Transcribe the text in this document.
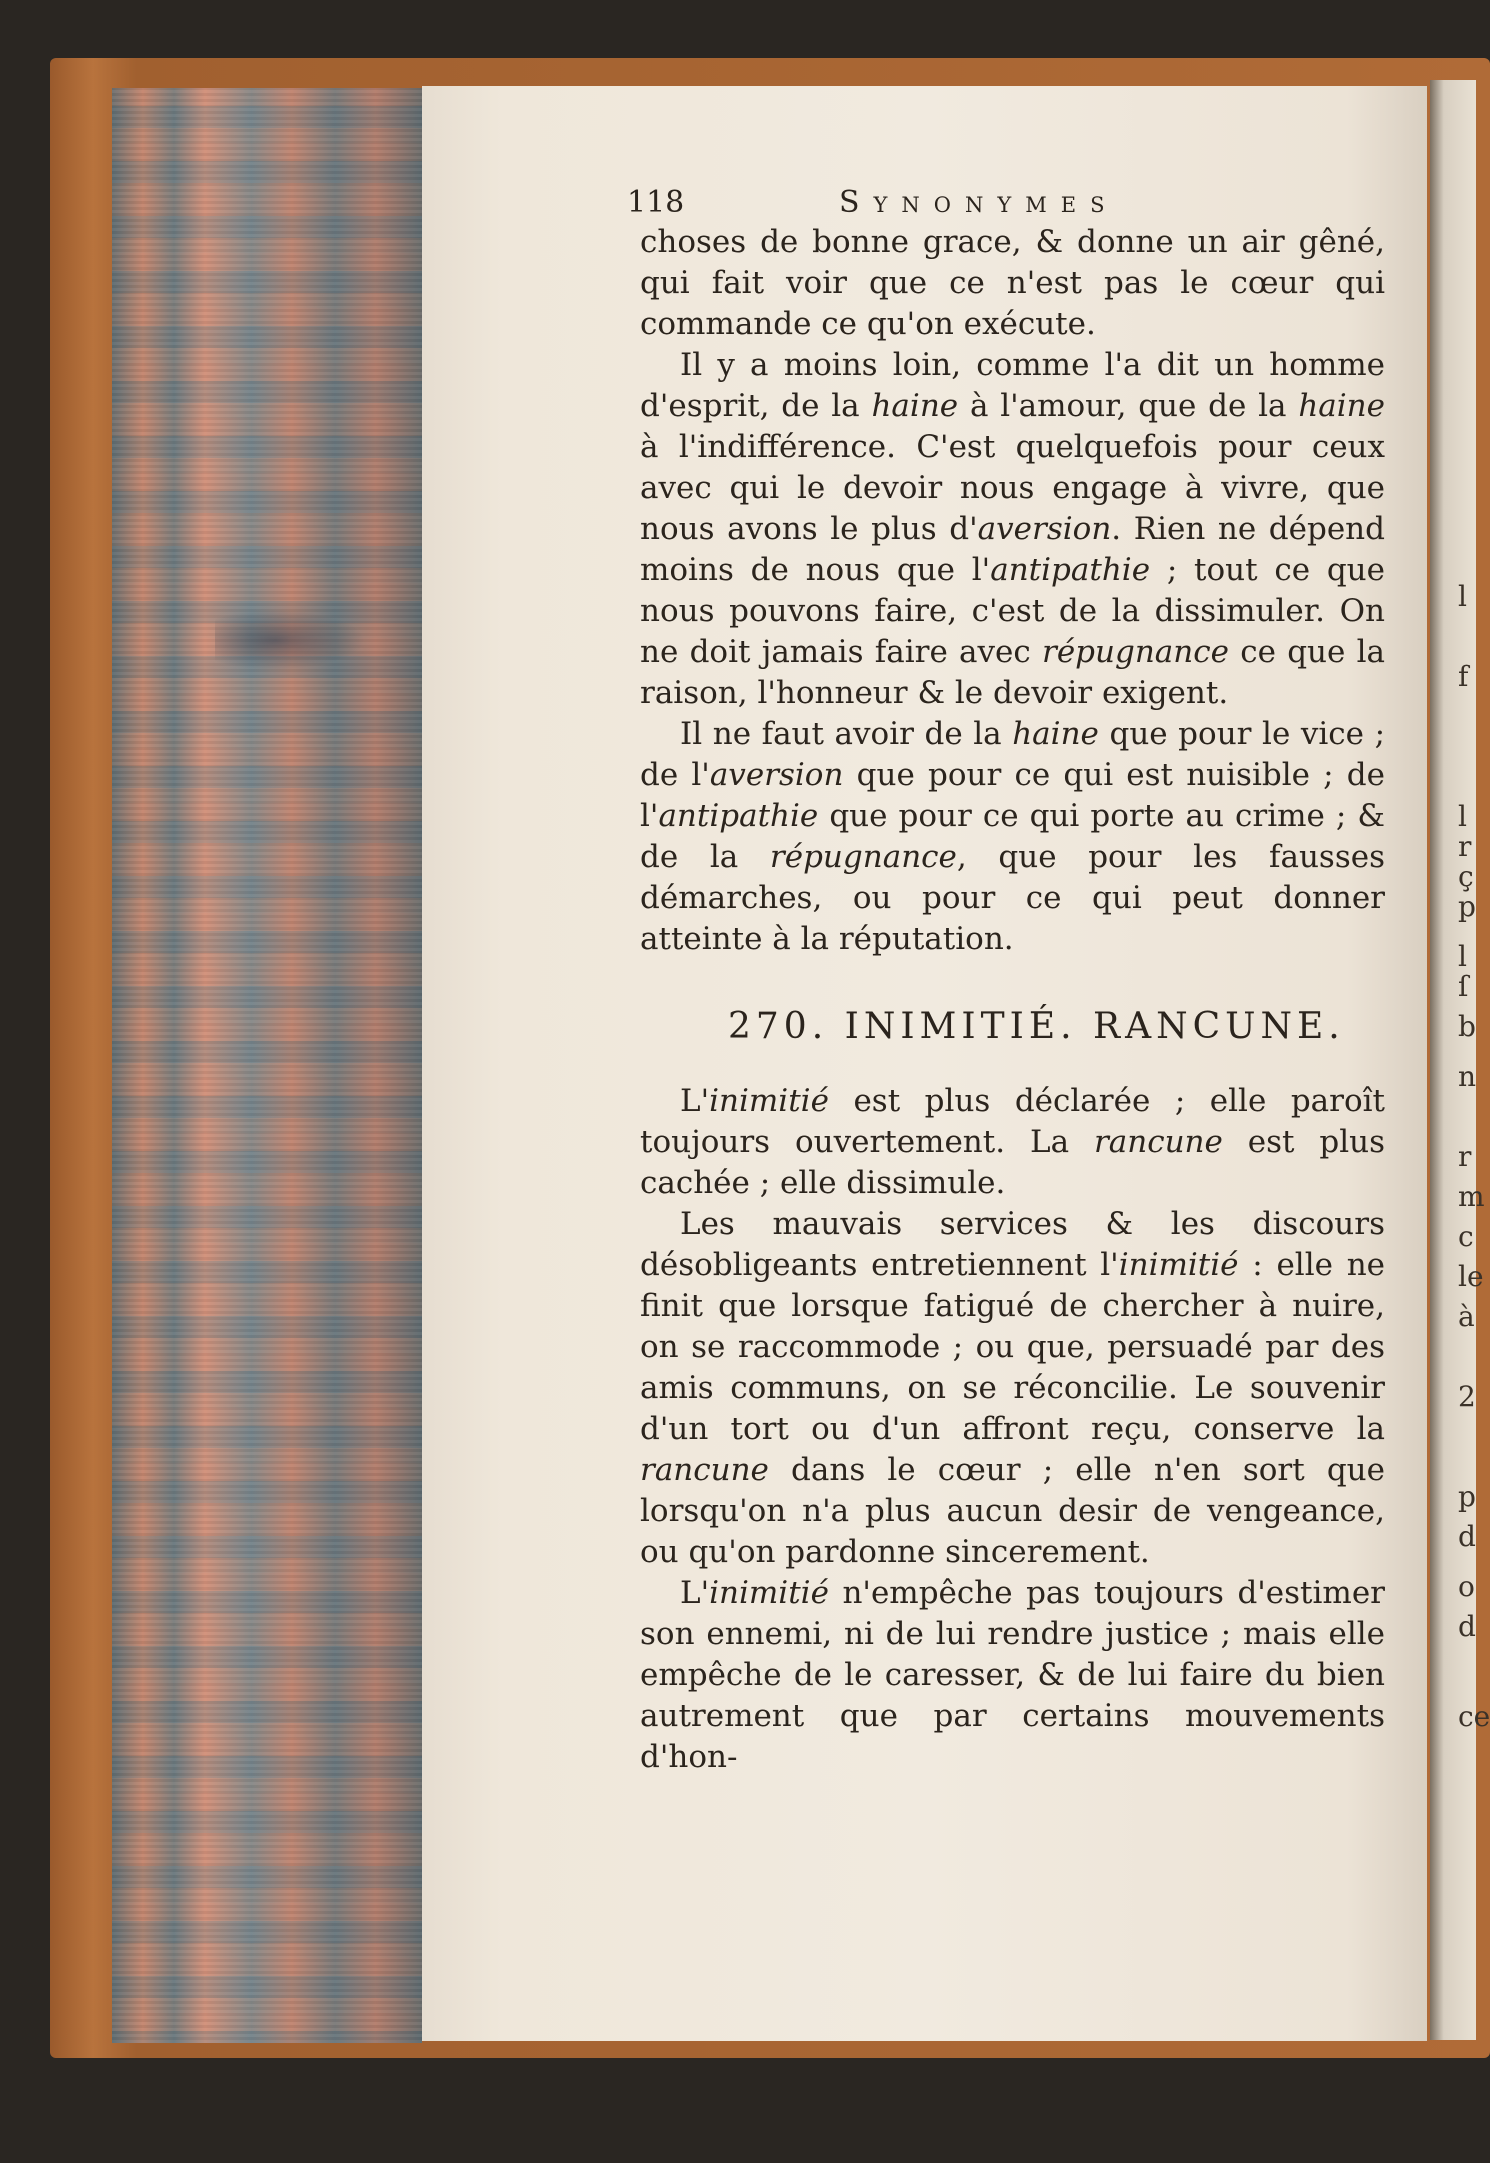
l
f
l
r
ç
p
l
ſ
b
n
r
m
c
le
à
2
p
d
o
d
ce
118	Synonymes

choses de bonne grace, & donne un air gêné, qui fait voir que ce n'est pas le cœur qui commande ce qu'on exécute.

Il y a moins loin, comme l'a dit un homme d'esprit, de la haine à l'amour, que de la haine à l'indifférence. C'est quelquefois pour ceux avec qui le devoir nous engage à vivre, que nous avons le plus d'aversion. Rien ne dépend moins de nous que l'antipathie ; tout ce que nous pouvons faire, c'est de la dissimuler. On ne doit jamais faire avec répugnance ce que la raison, l'honneur & le devoir exigent.

Il ne faut avoir de la haine que pour le vice ; de l'aversion que pour ce qui est nuisible ; de l'antipathie que pour ce qui porte au crime ; & de la répugnance, que pour les fausses démarches, ou pour ce qui peut donner atteinte à la réputation.

270. INIMITIÉ. RANCUNE.

L'inimitié est plus déclarée ; elle paroît toujours ouvertement. La rancune est plus cachée ; elle dissimule.

Les mauvais services & les discours désobligeants entretiennent l'inimitié : elle ne finit que lorsque fatigué de chercher à nuire, on se raccommode ; ou que, persuadé par des amis communs, on se réconcilie. Le souvenir d'un tort ou d'un affront reçu, conserve la rancune dans le cœur ; elle n'en sort que lorsqu'on n'a plus aucun desir de vengeance, ou qu'on pardonne sincerement.

L'inimitié n'empêche pas toujours d'estimer son ennemi, ni de lui rendre justice ; mais elle empêche de le caresser, & de lui faire du bien autrement que par certains mouvements d'hon-
